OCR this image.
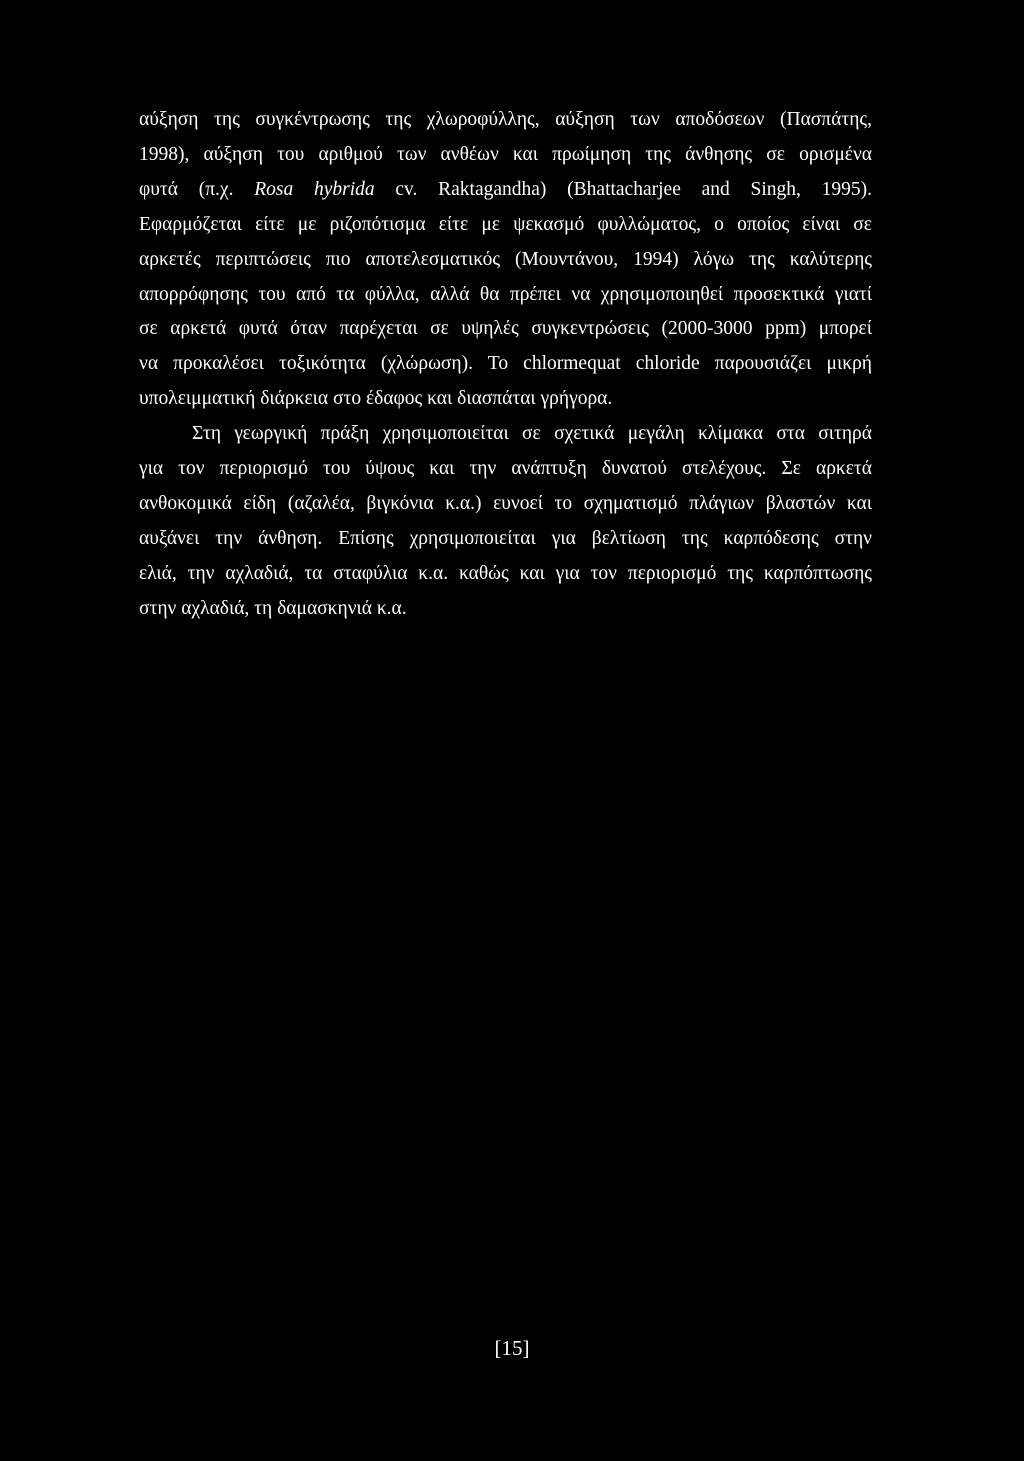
αύξηση της συγκέντρωσης της χλωροφύλλης, αύξηση των αποδόσεων (Πασπάτης,
1998), αύξηση του αριθμού των ανθέων και πρωίμηση της άνθησης σε ορισμένα
φυτά (π.χ. Rosa hybrida cv. Raktagandha) (Bhattacharjee and Singh, 1995).
Εφαρμόζεται είτε με ριζοπότισμα είτε με ψεκασμό φυλλώματος, ο οποίος είναι σε
αρκετές περιπτώσεις πιο αποτελεσματικός (Μουντάνου, 1994) λόγω της καλύτερης
απορρόφησης του από τα φύλλα, αλλά θα πρέπει να χρησιμοποιηθεί προσεκτικά γιατί
σε αρκετά φυτά όταν παρέχεται σε υψηλές συγκεντρώσεις (2000-3000 ppm) μπορεί
να προκαλέσει τοξικότητα (χλώρωση). Το chlormequat chloride παρουσιάζει μικρή
υπολειμματική διάρκεια στο έδαφος και διασπάται γρήγορα.
Στη γεωργική πράξη χρησιμοποιείται σε σχετικά μεγάλη κλίμακα στα σιτηρά
για τον περιορισμό του ύψους και την ανάπτυξη δυνατού στελέχους. Σε αρκετά
ανθοκομικά είδη (αζαλέα, βιγκόνια κ.α.) ευνοεί το σχηματισμό πλάγιων βλαστών και
αυξάνει την άνθηση. Επίσης χρησιμοποιείται για βελτίωση της καρπόδεσης στην
ελιά, την αχλαδιά, τα σταφύλια κ.α. καθώς και για τον περιορισμό της καρπόπτωσης
στην αχλαδιά, τη δαμασκηνιά κ.α.
[15]
